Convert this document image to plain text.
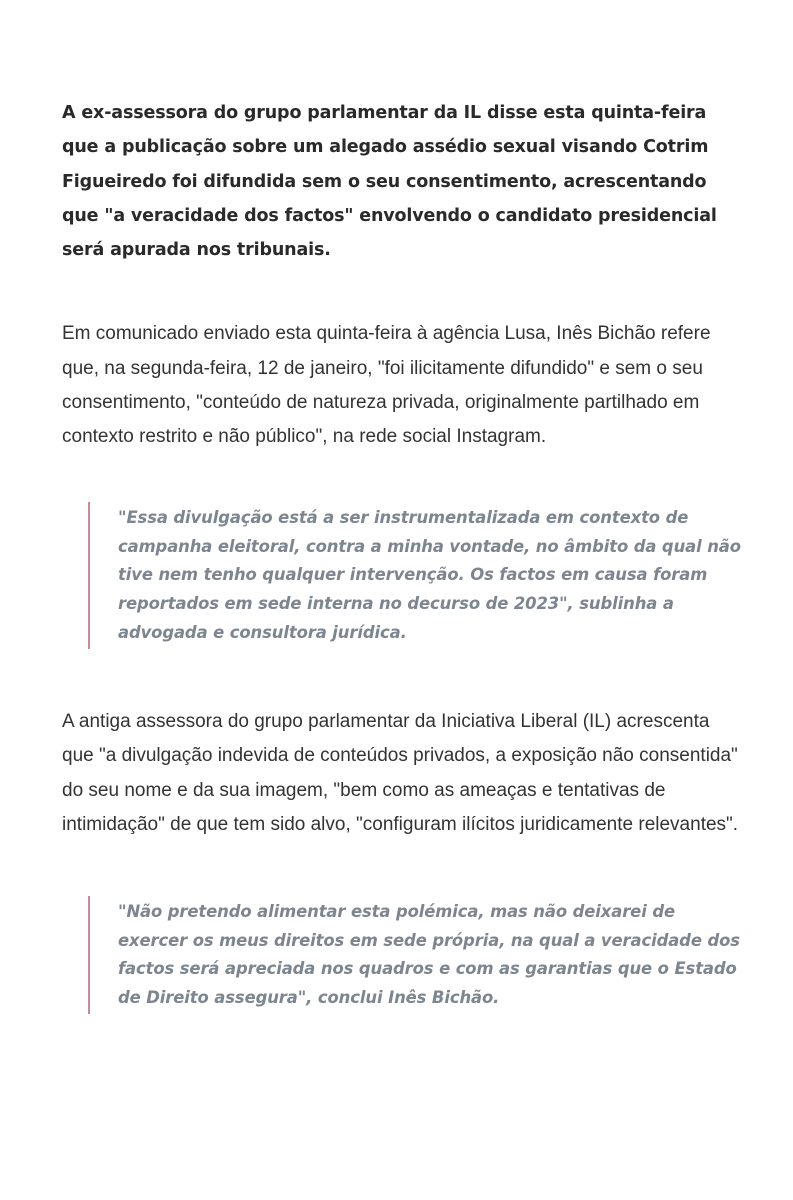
A ex-assessora do grupo parlamentar da IL disse esta quinta-feira que a publicação sobre um alegado assédio sexual visando Cotrim Figueiredo foi difundida sem o seu consentimento, acrescentando que "a veracidade dos factos" envolvendo o candidato presidencial será apurada nos tribunais.

Em comunicado enviado esta quinta-feira à agência Lusa, Inês Bichão refere que, na segunda-feira, 12 de janeiro, "foi ilicitamente difundido" e sem o seu consentimento, "conteúdo de natureza privada, originalmente partilhado em contexto restrito e não público", na rede social Instagram.

"Essa divulgação está a ser instrumentalizada em contexto de campanha eleitoral, contra a minha vontade, no âmbito da qual não tive nem tenho qualquer intervenção. Os factos em causa foram reportados em sede interna no decurso de 2023", sublinha a advogada e consultora jurídica.

A antiga assessora do grupo parlamentar da Iniciativa Liberal (IL) acrescenta que "a divulgação indevida de conteúdos privados, a exposição não consentida" do seu nome e da sua imagem, "bem como as ameaças e tentativas de intimidação" de que tem sido alvo, "configuram ilícitos juridicamente relevantes".

"Não pretendo alimentar esta polémica, mas não deixarei de exercer os meus direitos em sede própria, na qual a veracidade dos factos será apreciada nos quadros e com as garantias que o Estado de Direito assegura", conclui Inês Bichão.
